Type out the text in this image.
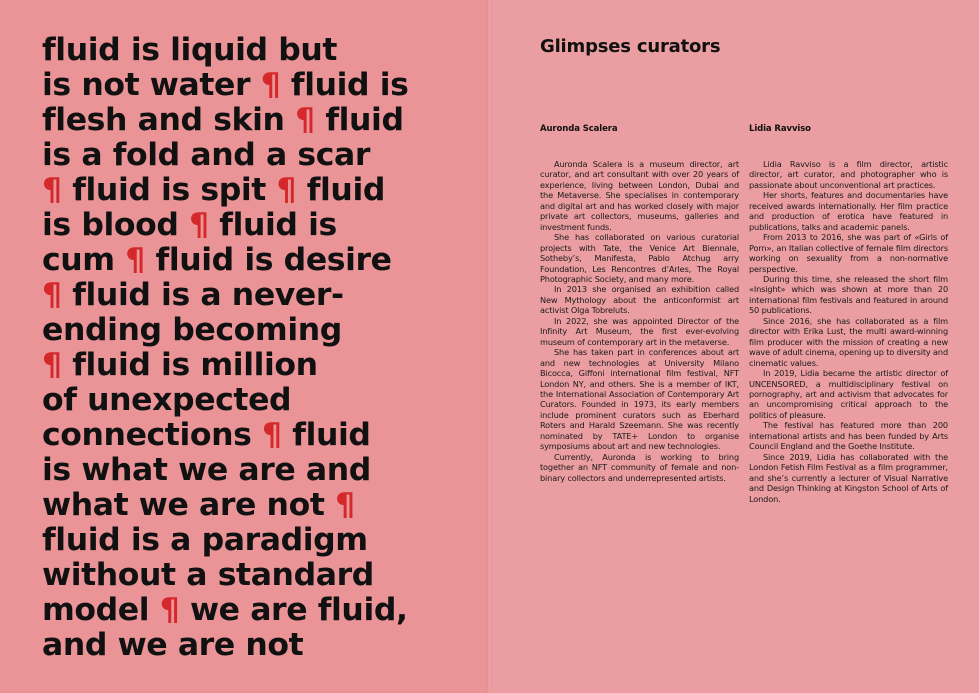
fluid is liquid but
is not water ¶ fluid is
flesh and skin ¶ fluid
is a fold and a scar
¶ fluid is spit ¶ fluid
is blood ¶ fluid is
cum ¶ fluid is desire
¶ fluid is a never-
ending becoming
¶ fluid is million
of unexpected
connections ¶ fluid
is what we are and
what we are not ¶
fluid is a paradigm
without a standard
model ¶ we are fluid,
and we are not
Glimpses curators
Auronda Scalera

Auronda Scalera is a museum director, art curator, and art consultant with over 20 years of experience, living between London, Dubai and the Metaverse. She specialises in contemporary and digital art and has worked closely with major private art collectors, museums, galleries and investment funds.

She has collaborated on various curatorial projects with Tate, the Venice Art Biennale, Sotheby’s, Manifesta, Pablo Atchug arry Foundation, Les Rencontres d’Arles, The Royal Photographic Society, and many more.

In 2013 she organised an exhibition called New Mythology about the anticonformist art activist Olga Tobreluts.

In 2022, she was appointed Director of the Infinity Art Museum, the first ever-evolving museum of contemporary art in the metaverse.

She has taken part in conferences about art and new technologies at University Milano Bicocca, Giffoni international film festival, NFT London NY, and others. She is a member of IKT, the International Association of Contemporary Art Curators. Founded in 1973, its early members include prominent curators such as Eberhard Roters and Harald Szeemann. She was recently nominated by TATE+ London to organise symposiums about art and new technologies.

Currently, Auronda is working to bring together an NFT community of female and non-binary collectors and underrepresented artists.

Lidia Ravviso

Lidia Ravviso is a film director, artistic director, art curator, and photographer who is passionate about unconventional art practices.

Her shorts, features and documentaries have received awards internationally. Her film practice and production of erotica have featured in publications, talks and academic panels.

From 2013 to 2016, she was part of «Girls of Porn», an Italian collective of female film directors working on sexuality from a non-normative perspective.

During this time, she released the short film «Insight» which was shown at more than 20 international film festivals and featured in around 50 publications.

Since 2016, she has collaborated as a film director with Erika Lust, the multi award-winning film producer with the mission of creating a new wave of adult cinema, opening up to diversity and cinematic values.

In 2019, Lidia became the artistic director of UNCENSORED, a multidisciplinary festival on pornography, art and activism that advocates for an uncompromising critical approach to the politics of pleasure.

The festival has featured more than 200 international artists and has been funded by Arts Council England and the Goethe Institute.

Since 2019, Lidia has collaborated with the London Fetish Film Festival as a film programmer, and she’s currently a lecturer of Visual Narrative and Design Thinking at Kingston School of Arts of London.
